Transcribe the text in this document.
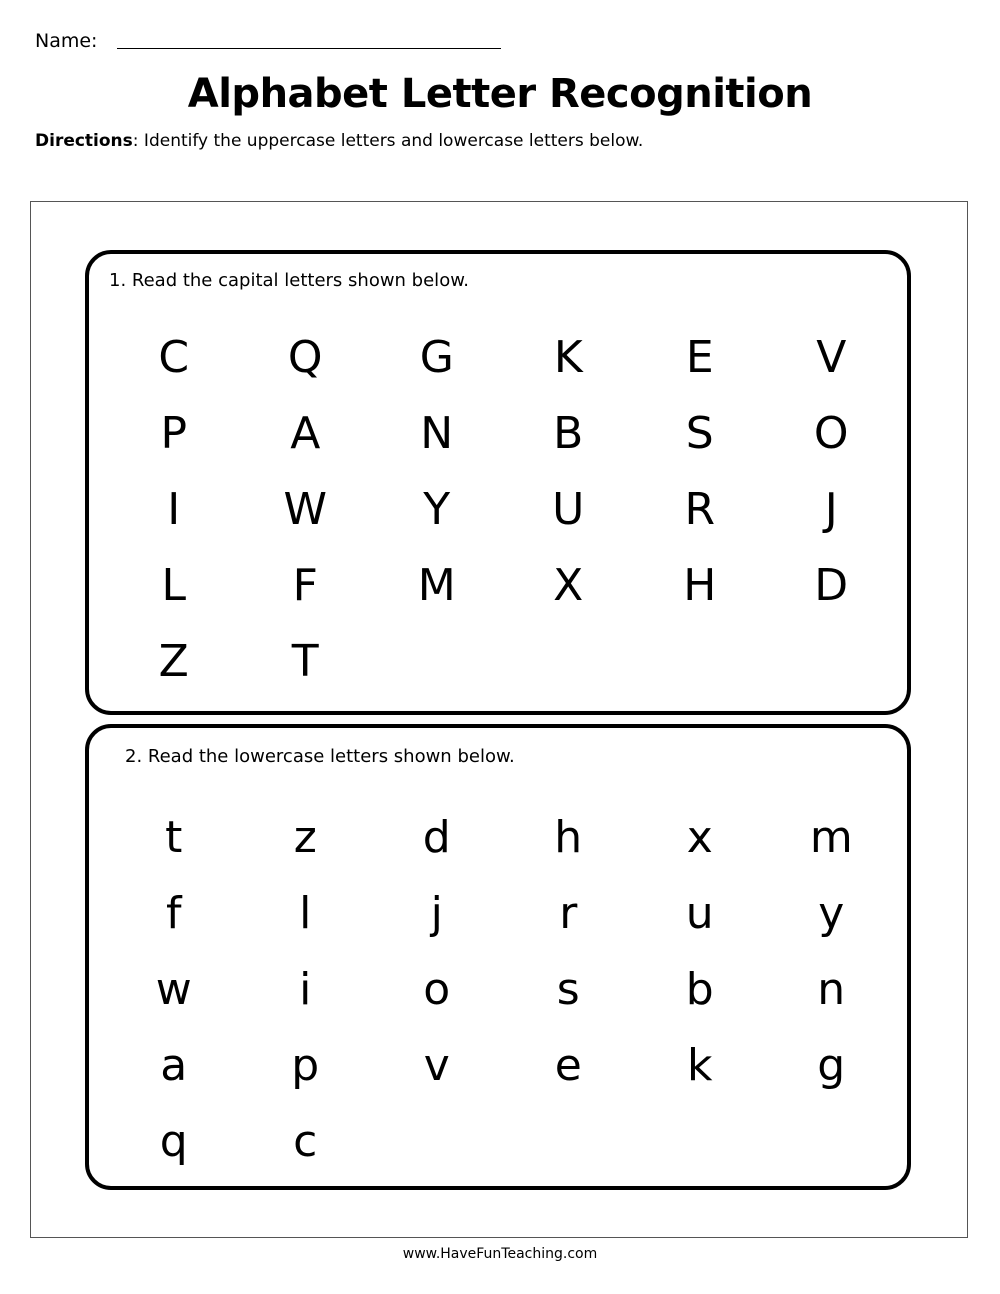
Name:
Alphabet Letter Recognition
Directions: Identify the uppercase letters and lowercase letters below.
1. Read the capital letters shown below.
C	Q	G	K	E	V
P	A	N	B	S	O
I	W	Y	U	R	J
L	F	M	X	H	D
Z	T
2. Read the lowercase letters shown below.
t	z	d	h	x	m
f	l	j	r	u	y
w	i	o	s	b	n
a	p	v	e	k	g
q	c
www.HaveFunTeaching.com
